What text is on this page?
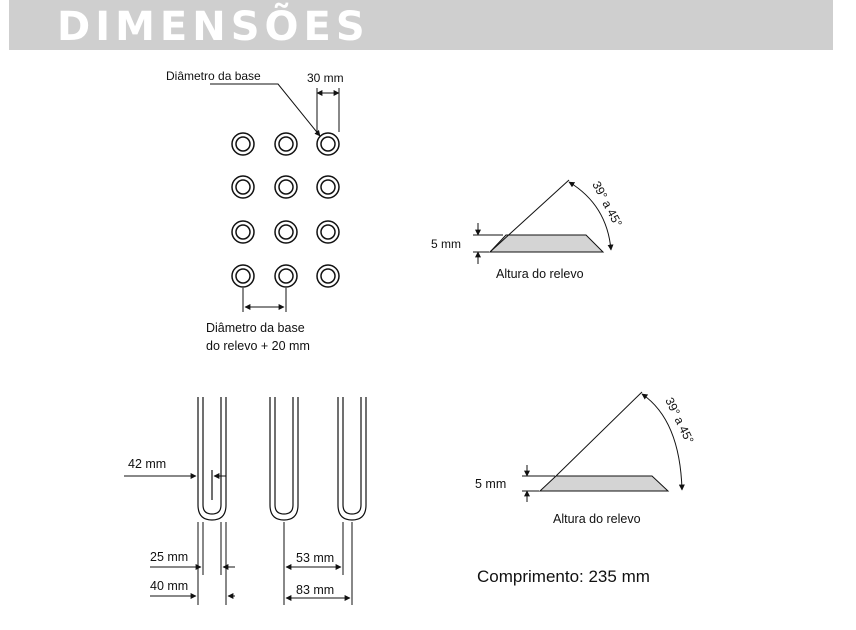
DIMENSÕES
Diâmetro da base	30 mm
Diâmetro da base
do relevo + 20 mm
5 mm
39° a 45°
Altura do relevo
42 mm
25 mm
40 mm
53 mm
83 mm
5 mm
39° a 45°
Altura do relevo
Comprimento: 235 mm
